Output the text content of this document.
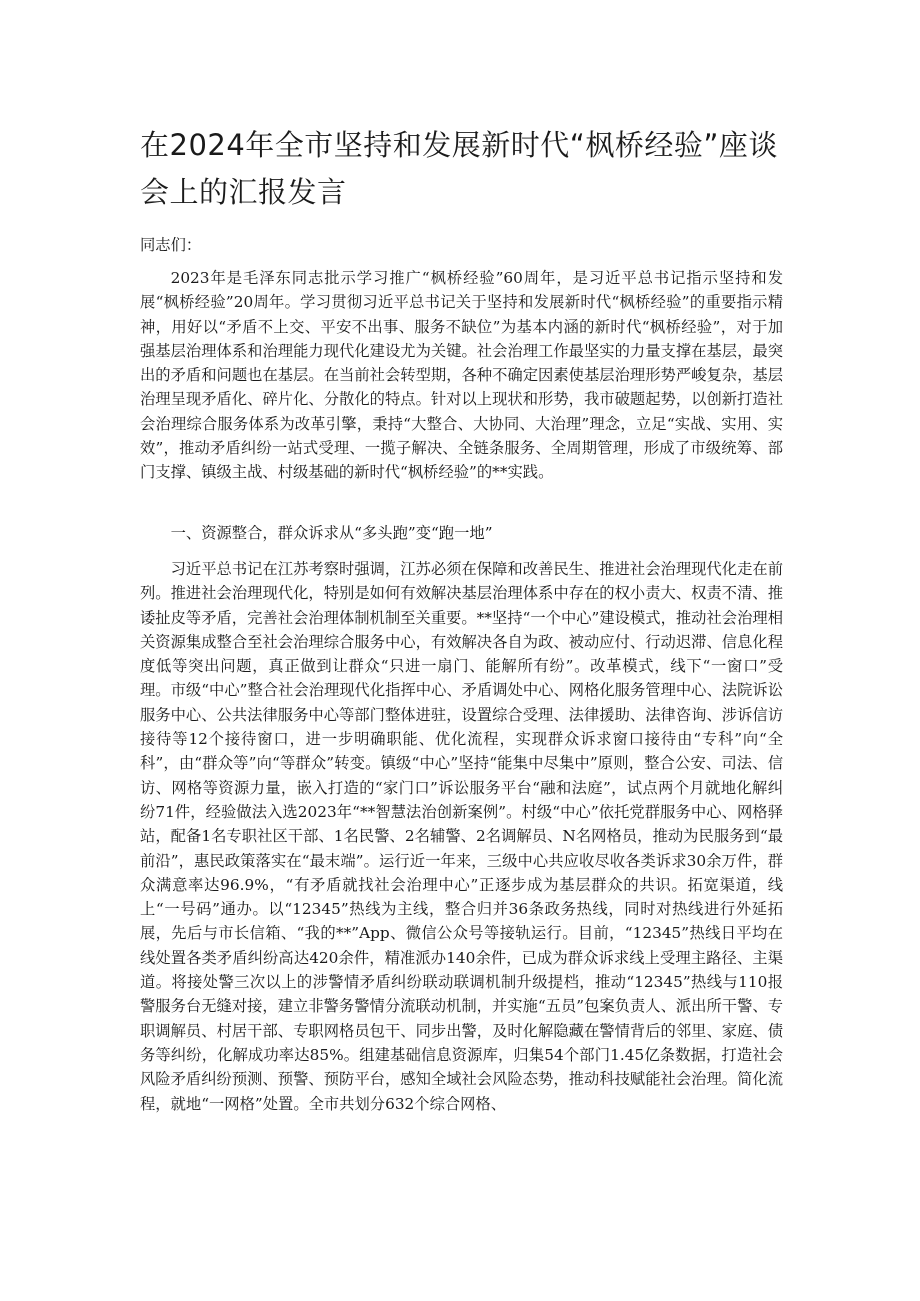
在2024年全市坚持和发展新时代“枫桥经验”座谈会上的汇报发言

同志们：

2023年是毛泽东同志批示学习推广“枫桥经验”60周年，是习近平总书记指示坚持和发展“枫桥经验”20周年。学习贯彻习近平总书记关于坚持和发展新时代“枫桥经验”的重要指示精神，用好以“矛盾不上交、平安不出事、服务不缺位”为基本内涵的新时代“枫桥经验”，对于加强基层治理体系和治理能力现代化建设尤为关键。社会治理工作最坚实的力量支撑在基层，最突出的矛盾和问题也在基层。在当前社会转型期，各种不确定因素使基层治理形势严峻复杂，基层治理呈现矛盾化、碎片化、分散化的特点。针对以上现状和形势，我市破题起势，以创新打造社会治理综合服务体系为改革引擎，秉持“大整合、大协同、大治理”理念，立足“实战、实用、实效”，推动矛盾纠纷一站式受理、一揽子解决、全链条服务、全周期管理，形成了市级统筹、部门支撑、镇级主战、村级基础的新时代“枫桥经验”的**实践。

一、资源整合，群众诉求从“多头跑”变“跑一地”

习近平总书记在江苏考察时强调，江苏必须在保障和改善民生、推进社会治理现代化走在前列。推进社会治理现代化，特别是如何有效解决基层治理体系中存在的权小责大、权责不清、推诿扯皮等矛盾，完善社会治理体制机制至关重要。**坚持“一个中心”建设模式，推动社会治理相关资源集成整合至社会治理综合服务中心，有效解决各自为政、被动应付、行动迟滞、信息化程度低等突出问题，真正做到让群众“只进一扇门、能解所有纷”。改革模式，线下“一窗口”受理。市级“中心”整合社会治理现代化指挥中心、矛盾调处中心、网格化服务管理中心、法院诉讼服务中心、公共法律服务中心等部门整体进驻，设置综合受理、法律援助、法律咨询、涉诉信访接待等12个接待窗口，进一步明确职能、优化流程，实现群众诉求窗口接待由“专科”向“全科”，由“群众等”向“等群众”转变。镇级“中心”坚持“能集中尽集中”原则，整合公安、司法、信访、网格等资源力量，嵌入打造的“家门口”诉讼服务平台“融和法庭”，试点两个月就地化解纠纷71件，经验做法入选2023年“**智慧法治创新案例”。村级“中心”依托党群服务中心、网格驿站，配备1名专职社区干部、1名民警、2名辅警、2名调解员、N名网格员，推动为民服务到“最前沿”，惠民政策落实在“最末端”。运行近一年来，三级中心共应收尽收各类诉求30余万件，群众满意率达96.9%，“有矛盾就找社会治理中心”正逐步成为基层群众的共识。拓宽渠道，线上“一号码”通办。以“12345”热线为主线，整合归并36条政务热线，同时对热线进行外延拓展，先后与市长信箱、“我的**”App、微信公众号等接轨运行。目前，“12345”热线日平均在线处置各类矛盾纠纷高达420余件，精准派办140余件，已成为群众诉求线上受理主路径、主渠道。将接处警三次以上的涉警情矛盾纠纷联动联调机制升级提档，推动“12345”热线与110报警服务台无缝对接，建立非警务警情分流联动机制，并实施“五员”包案负责人、派出所干警、专职调解员、村居干部、专职网格员包干、同步出警，及时化解隐藏在警情背后的邻里、家庭、债务等纠纷，化解成功率达85%。组建基础信息资源库，归集54个部门1.45亿条数据，打造社会风险矛盾纠纷预测、预警、预防平台，感知全域社会风险态势，推动科技赋能社会治理。简化流程，就地“一网格”处置。全市共划分632个综合网格、
